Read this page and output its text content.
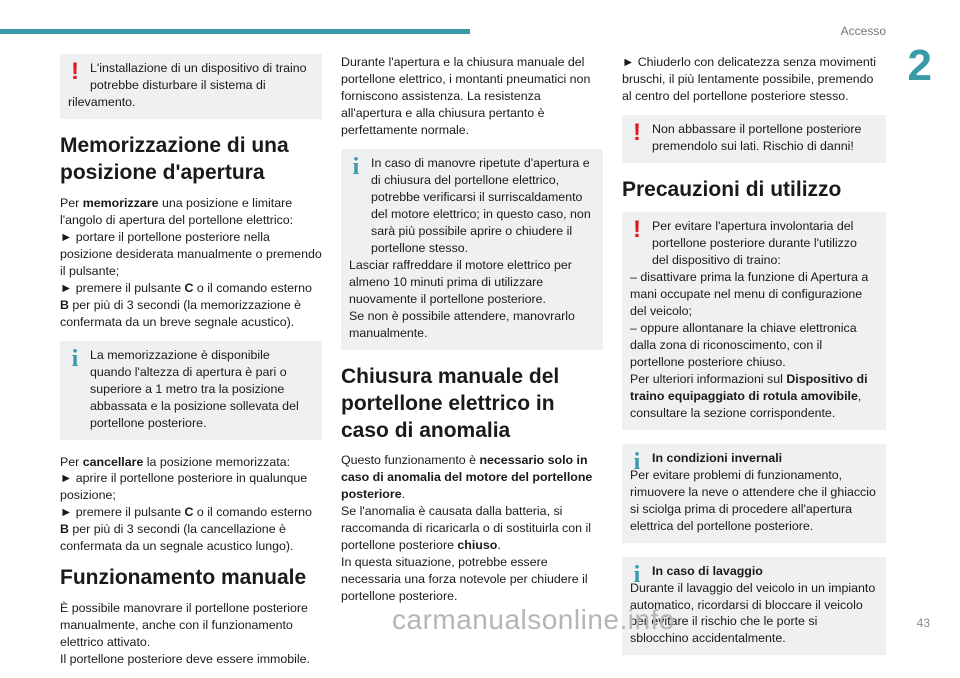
Accesso
2
! L'installazione di un dispositivo di traino
potrebbe disturbare il sistema di
rilevamento.
Memorizzazione di una posizione d'apertura

Per memorizzare una posizione e limitare l'angolo di apertura del portellone elettrico:
► portare il portellone posteriore nella posizione desiderata manualmente o premendo il pulsante;
► premere il pulsante C o il comando esterno B per più di 3 secondi (la memorizzazione è confermata da un breve segnale acustico).

i La memorizzazione è disponibile quando l'altezza di apertura è pari o superiore a 1 metro tra la posizione abbassata e la posizione sollevata del portellone posteriore.

Per cancellare la posizione memorizzata:
► aprire il portellone posteriore in qualunque posizione;
► premere il pulsante C o il comando esterno B per più di 3 secondi (la cancellazione è confermata da un segnale acustico lungo).

Funzionamento manuale

È possibile manovrare il portellone posteriore manualmente, anche con il funzionamento elettrico attivato.
Il portellone posteriore deve essere immobile.

Durante l'apertura e la chiusura manuale del portellone elettrico, i montanti pneumatici non forniscono assistenza. La resistenza all'apertura e alla chiusura pertanto è perfettamente normale.

i In caso di manovre ripetute d'apertura e di chiusura del portellone elettrico, potrebbe verificarsi il surriscaldamento del motore elettrico; in questo caso, non sarà più possibile aprire o chiudere il portellone stesso.
Lasciar raffreddare il motore elettrico per almeno 10 minuti prima di utilizzare nuovamente il portellone posteriore.
Se non è possibile attendere, manovrarlo manualmente.
Chiusura manuale del portellone elettrico in caso di anomalia

Questo funzionamento è necessario solo in caso di anomalia del motore del portellone posteriore.
Se l'anomalia è causata dalla batteria, si raccomanda di ricaricarla o di sostituirla con il portellone posteriore chiuso.
In questa situazione, potrebbe essere necessaria una forza notevole per chiudere il portellone posteriore.

► Chiuderlo con delicatezza senza movimenti bruschi, il più lentamente possibile, premendo al centro del portellone posteriore stesso.

! Non abbassare il portellone posteriore premendolo sui lati. Rischio di danni!
Precauzioni di utilizzo
! Per evitare l'apertura involontaria del portellone posteriore durante l'utilizzo del dispositivo di traino:
– disattivare prima la funzione di Apertura a mani occupate nel menu di configurazione del veicolo;
– oppure allontanare la chiave elettronica dalla zona di riconoscimento, con il portellone posteriore chiuso.
Per ulteriori informazioni sul Dispositivo di traino equipaggiato di rotula amovibile, consultare la sezione corrispondente.
i In condizioni invernali
Per evitare problemi di funzionamento, rimuovere la neve o attendere che il ghiaccio si sciolga prima di procedere all'apertura elettrica del portellone posteriore.
i In caso di lavaggio
Durante il lavaggio del veicolo in un impianto automatico, ricordarsi di bloccare il veicolo per evitare il rischio che le porte si sblocchino accidentalmente.
carmanualsonline.info	43
